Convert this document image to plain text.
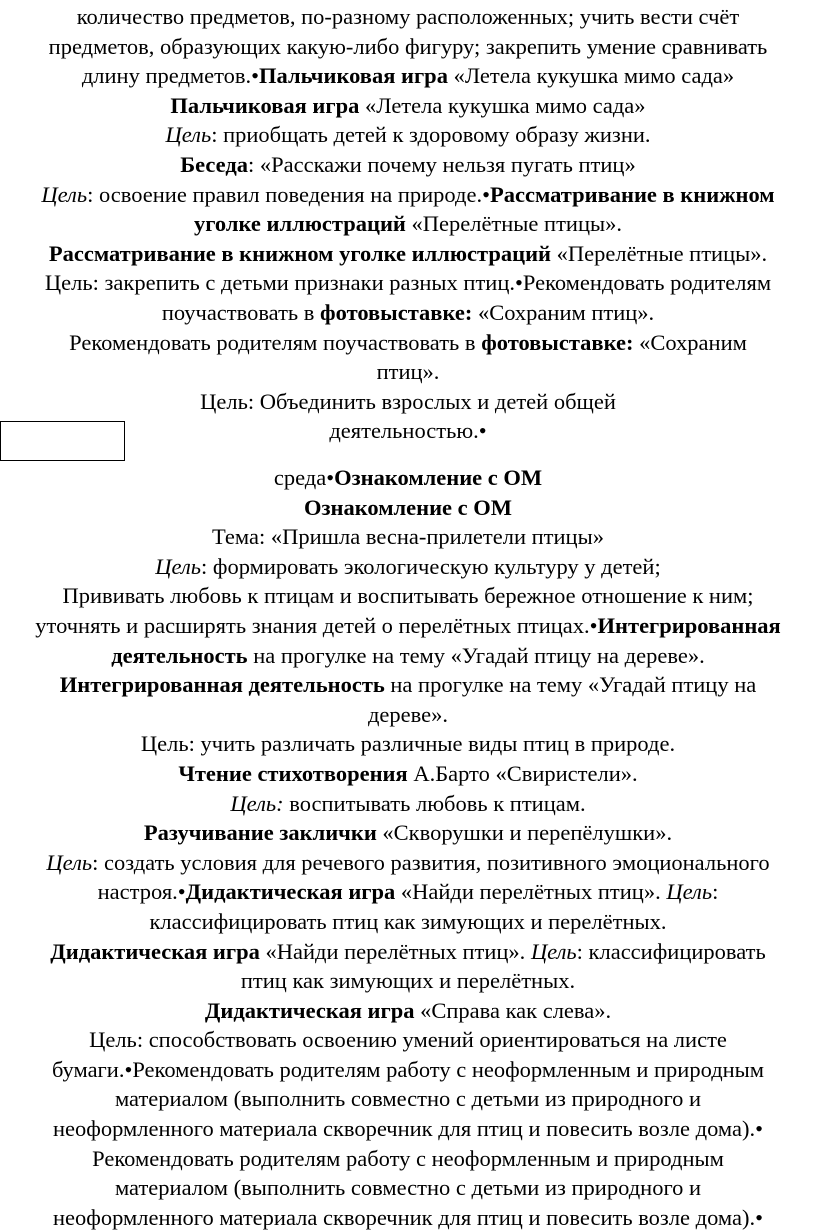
количество предметов, по-разному расположенных; учить вести счёт

предметов, образующих какую-либо фигуру; закрепить умение сравнивать

длину предметов.•Пальчиковая игра «Летела кукушка мимо сада»

Пальчиковая игра «Летела кукушка мимо сада»

Цель: приобщать детей к здоровому образу жизни.

Беседа: «Расскажи почему нельзя пугать птиц»

Цель: освоение правил поведения на природе.•Рассматривание в книжном

уголке иллюстраций «Перелётные птицы».

Рассматривание в книжном уголке иллюстраций «Перелётные птицы».

Цель: закрепить с детьми признаки разных птиц.•Рекомендовать родителям

поучаствовать в фотовыставке: «Сохраним птиц».

Рекомендовать родителям поучаствовать в фотовыставке: «Сохраним

птиц».

Цель: Объединить взрослых и детей общей

деятельностью.•

среда•Ознакомление с ОМ

Ознакомление с ОМ

Тема: «Пришла весна-прилетели птицы»

Цель: формировать экологическую культуру у детей;

Прививать любовь к птицам и воспитывать бережное отношение к ним;

уточнять и расширять знания детей о перелётных птицах.•Интегрированная

деятельность на прогулке на тему «Угадай птицу на дереве».

Интегрированная деятельность на прогулке на тему «Угадай птицу на

дереве».

Цель: учить различать различные виды птиц в природе.

Чтение стихотворения А.Барто «Свиристели».

Цель: воспитывать любовь к птицам.

Разучивание заклички «Скворушки и перепёлушки».

Цель: создать условия для речевого развития, позитивного эмоционального

настроя.•Дидактическая игра «Найди перелётных птиц». Цель:

классифицировать птиц как зимующих и перелётных.

Дидактическая игра «Найди перелётных птиц». Цель: классифицировать

птиц как зимующих и перелётных.

Дидактическая игра «Справа как слева».

Цель: способствовать освоению умений ориентироваться на листе

бумаги.•Рекомендовать родителям работу с неоформленным и природным

материалом (выполнить совместно с детьми из природного и

неоформленного материала скворечник для птиц и повесить возле дома).•

Рекомендовать родителям работу с неоформленным и природным

материалом (выполнить совместно с детьми из природного и

неоформленного материала скворечник для птиц и повесить возле дома).•
